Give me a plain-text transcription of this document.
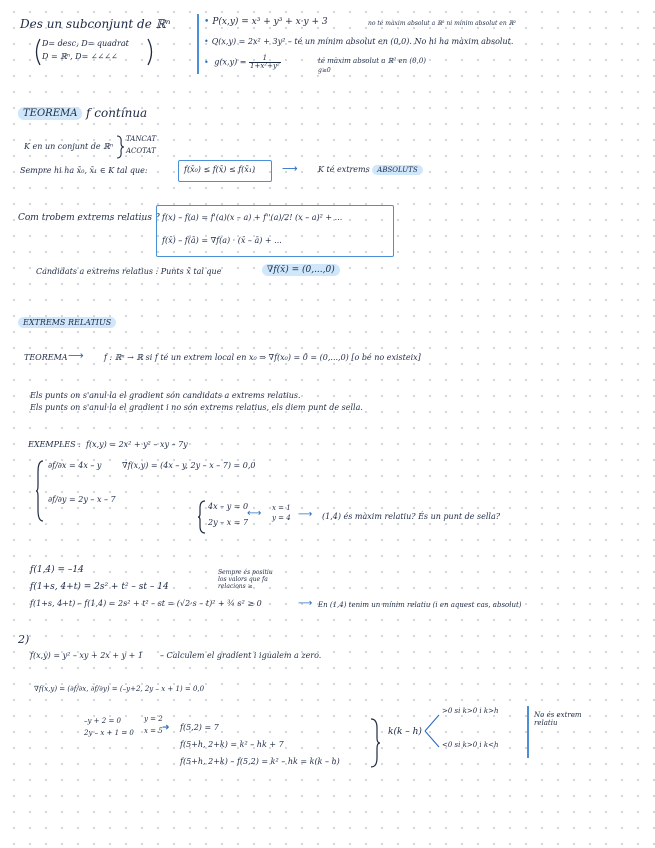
Des un subconjunt de ℝⁿ
D= desc, D= quadrat
D = ℝⁿ, D= ∠∠∠∠
• P(x,y) = x³ + y³ + x·y + 3	no té màxim absolut a ℝ² ni mínim absolut en ℝ²
• Q(x,y) = 2x² + 3y² – té un mínim absolut en (0,0). No hi ha màxim absolut.
• $g(x,y) = \frac{1}{\text{1+x²+y²}}$	té màxim absolut a ℝ² en (0,0)
g≥0
TEOREMA f contínua
K en un conjunt de ℝⁿ
TANCAT
ACOTAT
Sempre hi ha x̄₀, x̄₁ ∈ K tal que:	f(x̄₀) ≤ f(x̄) ≤ f(x̄₁) ⟶	K té extrems ABSOLUTS
Com trobem extrems relatius ? f(x) – f(a) = f'(a)(x – a) + f''(a)/2! (x – a)² + ...
f(x̄) – f(ā) = ∇f(a) · (x̄ – ā) + ...
Candidats a extrems relatius : Punts x̄ tal que	∇f(x̄) = (0,...,0)
EXTREMS RELATIUS
TEOREMA ⟶	f : ℝⁿ → ℝ si f té un extrem local en x₀ ⇒ ∇f(x₀) = 0̄ = (0,...,0) [o bé no existeix]
Els punts on s'anul·la el gradient són candidats a extrems relatius.
Els punts on s'anul·la el gradient i no són extrems relatius, els diem punt de sella.
EXEMPLES : f(x,y) = 2x² + y² – xy – 7y
∂f/∂x = 4x – y	∇f(x,y) = (4x – y, 2y – x – 7) = 0,0
∂f/∂y = 2y – x – 7
4x – y = 0
2y – x = 7
⟷ x = 1
y = 4 ⟶ (1,4) és màxim relatiu? És un punt de sella?
f(1,4) = –14
f(1+s, 4+t) = 2s² + t² – st – 14
f(1+s, 4+t) – f(1,4) = 2s² + t² – st = (√2·s – t)² + ¾ s² ≥ 0	⟶ En (1,4) tenim un mínim relatiu (i en aquest cas, absolut)
Sempre és positiu
los valors que fa
relacions ≥
2)
f(x,y) = y² – xy + 2x + y + 1 – Calculem el gradient i igualem a zero.
∇f(x,y) = (∂f/∂x, ∂f/∂y) = (–y+2, 2y – x + 1) = 0,0
–y + 2 = 0
2y – x + 1 = 0
y = 2
x = 5 ➜ f(5,2) = 7
f(5+h, 2+k) = k² – hk + 7
f(5+h, 2+k) – f(5,2) = k² – hk = k(k – h)
k(k – h)
>0 si k>0 i k>h
<0 si k>0 i k<h
No és extrem relatiu
